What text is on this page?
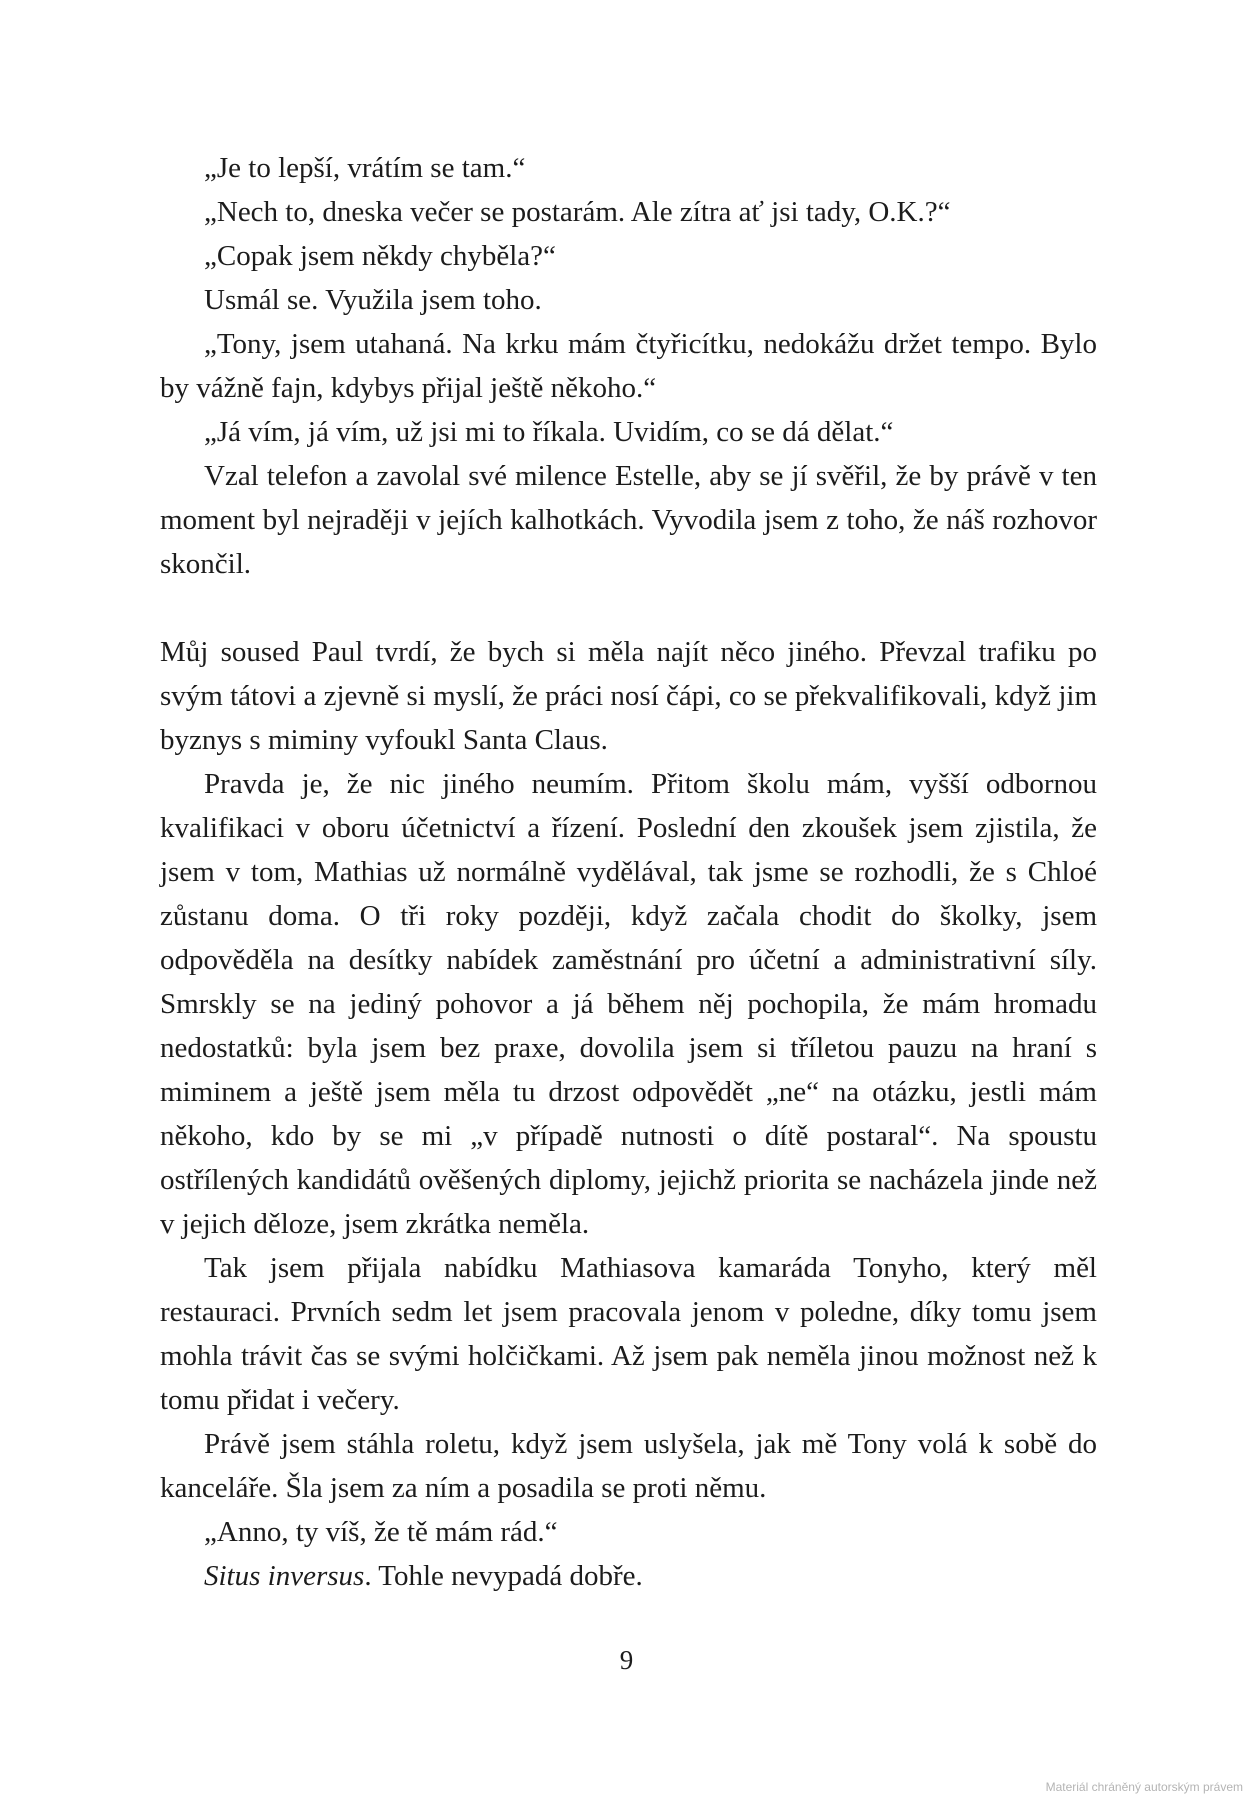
„Je to lepší, vrátím se tam.“

„Nech to, dneska večer se postarám. Ale zítra ať jsi tady, O.K.?“

„Copak jsem někdy chyběla?“

Usmál se. Využila jsem toho.

„Tony, jsem utahaná. Na krku mám čtyřicítku, nedokážu držet tempo. Bylo by vážně fajn, kdybys přijal ještě někoho.“

„Já vím, já vím, už jsi mi to říkala. Uvidím, co se dá dělat.“

Vzal telefon a zavolal své milence Estelle, aby se jí svěřil, že by právě v ten moment byl nejraději v jejích kalhotkách. Vyvodila jsem z toho, že náš rozhovor skončil.

Můj soused Paul tvrdí, že bych si měla najít něco jiného. Převzal trafiku po svým tátovi a zjevně si myslí, že práci nosí čápi, co se překvalifikovali, když jim byznys s miminy vyfoukl Santa Claus.

Pravda je, že nic jiného neumím. Přitom školu mám, vyšší odbornou kvalifikaci v oboru účetnictví a řízení. Poslední den zkoušek jsem zjistila, že jsem v tom, Mathias už normálně vydělával, tak jsme se rozhodli, že s Chloé zůstanu doma. O tři roky později, když začala chodit do školky, jsem odpověděla na desítky nabídek zaměstnání pro účetní a administrativní síly. Smrskly se na jediný pohovor a já během něj pochopila, že mám hromadu nedostatků: byla jsem bez praxe, dovolila jsem si tříletou pauzu na hraní s miminem a ještě jsem měla tu drzost odpovědět „ne“ na otázku, jestli mám někoho, kdo by se mi „v případě nutnosti o dítě postaral“. Na spoustu ostřílených kandidátů ověšených diplomy, jejichž priorita se nacházela jinde než v jejich děloze, jsem zkrátka neměla.

Tak jsem přijala nabídku Mathiasova kamaráda Tonyho, který měl restauraci. Prvních sedm let jsem pracovala jenom v poledne, díky tomu jsem mohla trávit čas se svými holčičkami. Až jsem pak neměla jinou možnost než k tomu přidat i večery.

Právě jsem stáhla roletu, když jsem uslyšela, jak mě Tony volá k sobě do kanceláře. Šla jsem za ním a posadila se proti němu.

„Anno, ty víš, že tě mám rád.“

Situs inversus. Tohle nevypadá dobře.

9
Materiál chráněný autorským právem
